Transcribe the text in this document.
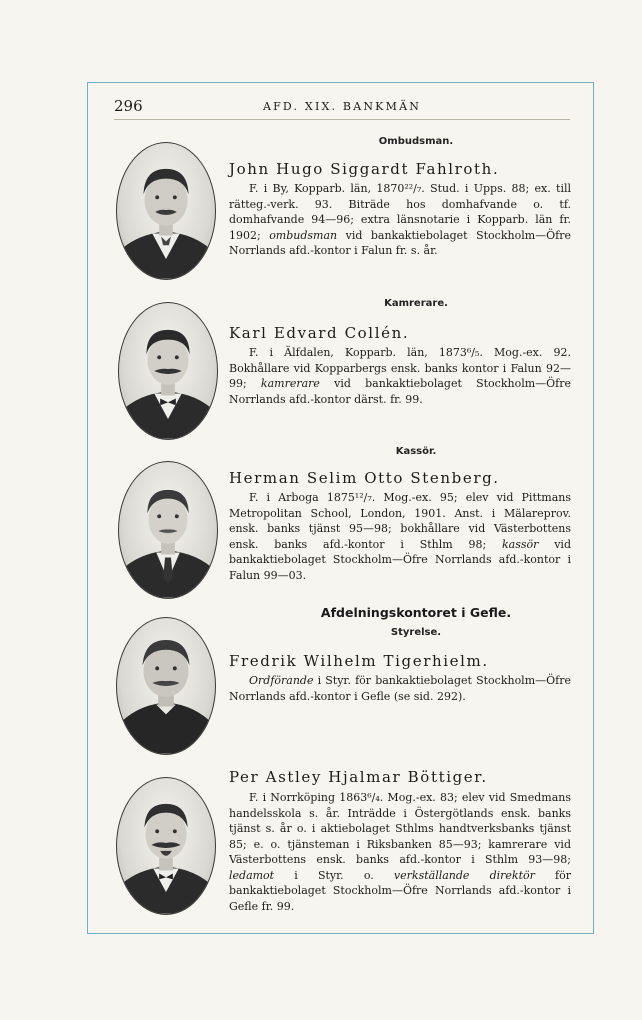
296	AFD. XIX. BANKMÄN
Ombudsman.
Kamrerare.
Kassör.
Afdelningskontoret i Gefle.
Styrelse.
John Hugo Siggardt Fahlroth.
Karl Edvard Collén.
Herman Selim Otto Stenberg.
Fredrik Wilhelm Tigerhielm.
Per Astley Hjalmar Böttiger.

F. i By, Kopparb. län, 1870²²/₇. Stud. i Upps. 88; ex. till rätteg.-verk. 93. Biträde hos domhafvande o. tf. domhafvande 94—96; extra länsnotarie i Kopparb. län fr. 1902; ombudsman vid bankaktiebolaget Stockholm—Öfre Norrlands afd.-kontor i Falun fr. s. år.

F. i Älfdalen, Kopparb. län, 1873⁶/₅. Mog.-ex. 92. Bokhållare vid Kopparbergs ensk. banks kontor i Falun 92—99; kamrerare vid bankaktiebolaget Stockholm—Öfre Norrlands afd.-kontor därst. fr. 99.

F. i Arboga 1875¹²/₇. Mog.-ex. 95; elev vid Pittmans Metropolitan School, London, 1901. Anst. i Mälareprov. ensk. banks tjänst 95—98; bokhållare vid Västerbottens ensk. banks afd.-kontor i Sthlm 98; kassör vid bankaktiebolaget Stockholm—Öfre Norrlands afd.-kontor i Falun 99—03.

Ordförande i Styr. för bankaktiebolaget Stockholm—Öfre Norrlands afd.-kontor i Gefle (se sid. 292).

F. i Norrköping 1863⁶/₄. Mog.-ex. 83; elev vid Smedmans handelsskola s. år. Inträdde i Östergötlands ensk. banks tjänst s. år o. i aktiebolaget Sthlms handtverksbanks tjänst 85; e. o. tjänsteman i Riksbanken 85—93; kamrerare vid Västerbottens ensk. banks afd.-kontor i Sthlm 93—98; ledamot i Styr. o. verkställande direktör för bankaktiebolaget Stockholm—Öfre Norrlands afd.-kontor i Gefle fr. 99.
